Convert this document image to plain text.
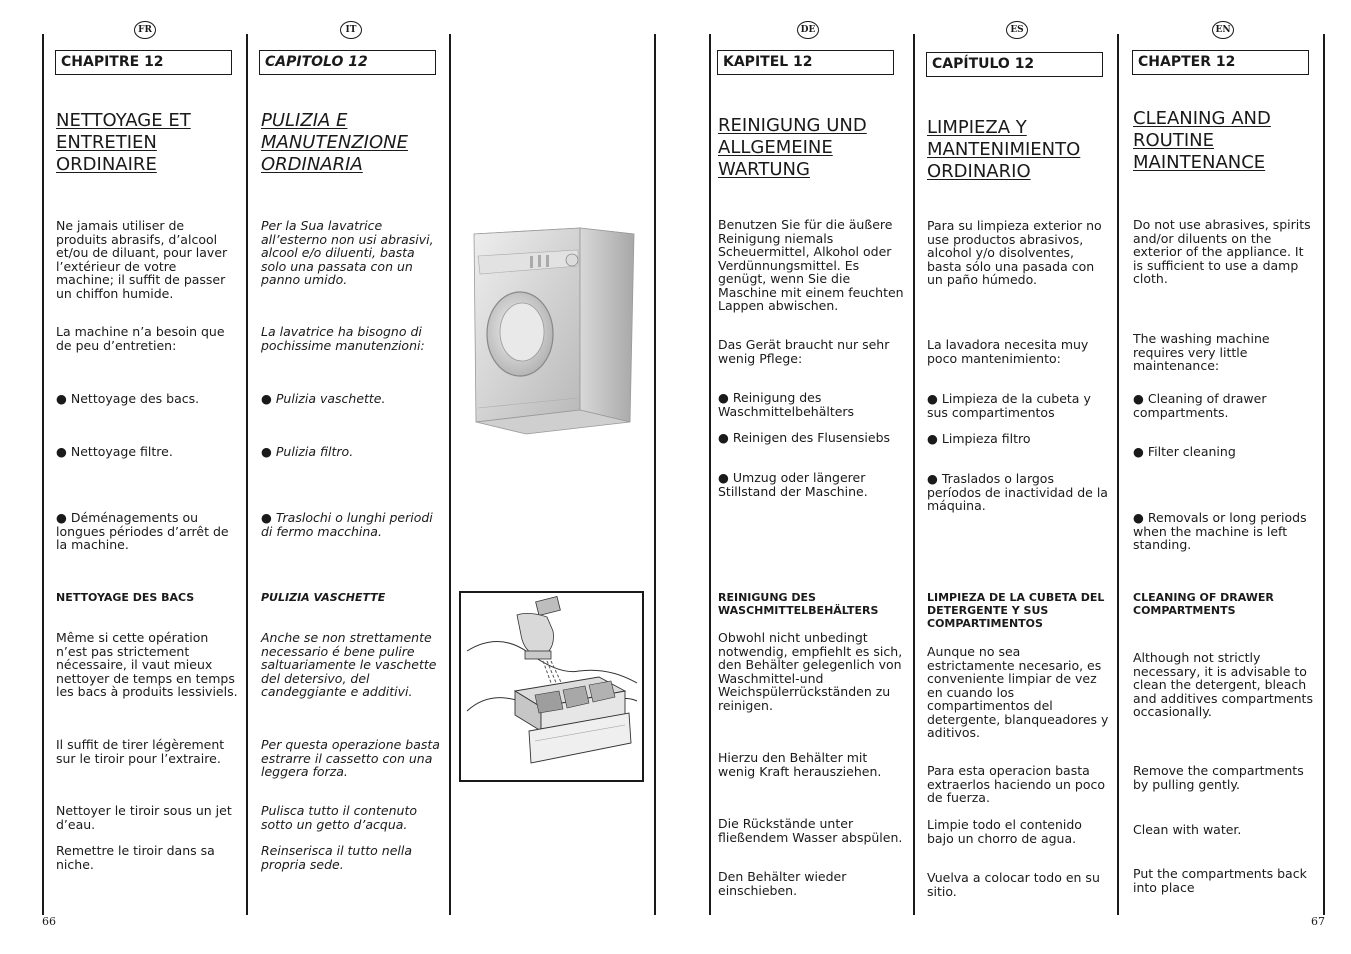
FR
CHAPITRE 12
NETTOYAGE ET ENTRETIEN ORDINAIRE
Ne jamais utiliser de produits abrasifs, d’alcool et/ou de diluant, pour laver l’extérieur de votre machine; il suffit de passer un chiffon humide.
La machine n’a besoin que de peu d’entretien:
● Nettoyage des bacs.
● Nettoyage filtre.
● Déménagements ou longues périodes d’arrêt de la machine.
NETTOYAGE DES BACS
Même si cette opération n’est pas strictement nécessaire, il vaut mieux nettoyer de temps en temps les bacs à produits lessiviels.
Il suffit de tirer légèrement sur le tiroir pour l’extraire.
Nettoyer le tiroir sous un jet d’eau.
Remettre le tiroir dans sa niche.
IT
CAPITOLO 12
PULIZIA E MANUTENZIONE ORDINARIA
Per la Sua lavatrice all’esterno non usi abrasivi, alcool e/o diluenti, basta solo una passata con un panno umido.
La lavatrice ha bisogno di pochissime manutenzioni:
● Pulizia vaschette.
● Pulizia filtro.
● Traslochi o lunghi periodi di fermo macchina.
PULIZIA VASCHETTE
Anche se non strettamente necessario é bene pulire saltuariamente le vaschette del detersivo, del candeggiante e additivi.
Per questa operazione basta estrarre il cassetto con una leggera forza.
Pulisca tutto il contenuto sotto un getto d’acqua.
Reinserisca il tutto nella propria sede.
DE
KAPITEL 12
REINIGUNG UND ALLGEMEINE WARTUNG
Benutzen Sie für die äußere Reinigung niemals Scheuermittel, Alkohol oder Verdünnungsmittel. Es genügt, wenn Sie die Maschine mit einem feuchten Lappen abwischen.
Das Gerät braucht nur sehr wenig Pflege:
● Reinigung des Waschmittelbehälters
● Reinigen des Flusensiebs
● Umzug oder längerer Stillstand der Maschine.
REINIGUNG DES WASCHMITTELBEHÄLTERS
Obwohl nicht unbedingt notwendig, empfiehlt es sich, den Behälter gelegenlich von Waschmittel-und Weichspülerrückständen zu reinigen.
Hierzu den Behälter mit wenig Kraft herausziehen.
Die Rückstände unter fließendem Wasser abspülen.
Den Behälter wieder einschieben.
ES
CAPÍTULO 12
LIMPIEZA Y MANTENIMIENTO ORDINARIO
Para su limpieza exterior no use productos abrasivos, alcohol y/o disolventes, basta sólo una pasada con un paño húmedo.
La lavadora necesita muy poco mantenimiento:
● Limpieza de la cubeta y sus compartimentos
● Limpieza filtro
● Traslados o largos períodos de inactividad de la máquina.
LIMPIEZA DE LA CUBETA DEL DETERGENTE Y SUS COMPARTIMENTOS
Aunque no sea estrictamente necesario, es conveniente limpiar de vez en cuando los compartimentos del detergente, blanqueadores y aditivos.
Para esta operacion basta extraerlos haciendo un poco de fuerza.
Limpie todo el contenido bajo un chorro de agua.
Vuelva a colocar todo en su sitio.
EN
CHAPTER 12
CLEANING AND ROUTINE MAINTENANCE
Do not use abrasives, spirits and/or diluents on the exterior of the appliance. It is sufficient to use a damp cloth.
The washing machine requires very little maintenance:
● Cleaning of drawer compartments.
● Filter cleaning
● Removals or long periods when the machine is left standing.
CLEANING OF DRAWER COMPARTMENTS
Although not strictly necessary, it is advisable to clean the detergent, bleach and additives compartments occasionally.
Remove the compartments by pulling gently.
Clean with water.
Put the compartments back into place
66	67
